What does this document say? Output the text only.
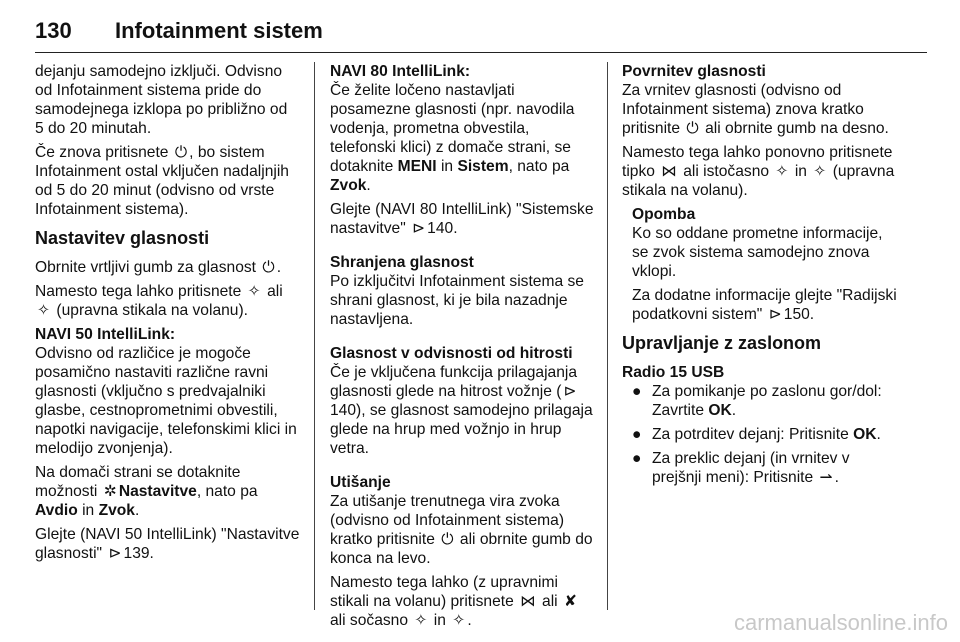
130 Infotainment sistem

dejanju samodejno izključi. Odvisno od Infotainment sistema pride do samodejnega izklopa po približno od 5 do 20 minutah.

Če znova pritisnete ⏻ , bo sistem Infotainment ostal vključen nadaljnjih od 5 do 20 minut (odvisno od vrste Infotainment sistema).

Nastavitev glasnosti

Obrnite vrtljivi gumb za glasnost ⏻ .

Namesto tega lahko pritisnete ✧ ali ✧ (upravna stikala na volanu).

NAVI 50 IntelliLink:

Odvisno od različice je mogoče posamično nastaviti različne ravni glasnosti (vključno s predvajalniki glasbe, cestnoprometnimi obvestili, napotki navigacije, telefonskimi klici in melodijo zvonjenja).

Na domači strani se dotaknite možnosti ✲ Nastavitve, nato pa Avdio in Zvok.

Glejte (NAVI 50 IntelliLink) "Nastavitve glasnosti" ⊳ 139.

NAVI 80 IntelliLink:

Če želite ločeno nastavljati posamezne glasnosti (npr. navodila vodenja, prometna obvestila, telefonski klici) z domače strani, se dotaknite MENI in Sistem, nato pa Zvok.

Glejte (NAVI 80 IntelliLink) "Sistemske nastavitve" ⊳ 140.

Shranjena glasnost

Po izključitvi Infotainment sistema se shrani glasnost, ki je bila nazadnje nastavljena.

Glasnost v odvisnosti od hitrosti

Če je vključena funkcija prilagajanja glasnosti glede na hitrost vožnje ( ⊳140), se glasnost samodejno prilagaja glede na hrup med vožnjo in hrup vetra.

Utišanje

Za utišanje trenutnega vira zvoka (odvisno od Infotainment sistema) kratko pritisnite ⏻ ali obrnite gumb do konca na levo.

Namesto tega lahko (z upravnimi stikali na volanu) pritisnete ⋈ ali ✘ ali sočasno ✧ in ✧ .

Povrnitev glasnosti

Za vrnitev glasnosti (odvisno od Infotainment sistema) znova kratko pritisnite ⏻ ali obrnite gumb na desno.

Namesto tega lahko ponovno pritisnete tipko ⋈ ali istočasno ✧ in ✧ (upravna stikala na volanu).

Opomba

Ko so oddane prometne informacije, se zvok sistema samodejno znova vklopi.

Za dodatne informacije glejte "Radijski podatkovni sistem" ⊳ 150.

Upravljanje z zaslonom
Radio 15 USB
● Za pomikanje po zaslonu gor/dol: Zavrtite OK.
● Za potrditev dejanj: Pritisnite OK.
● Za preklic dejanj (in vrnitev v prejšnji meni): Pritisnite ⇀ .
carmanualsonline.info
